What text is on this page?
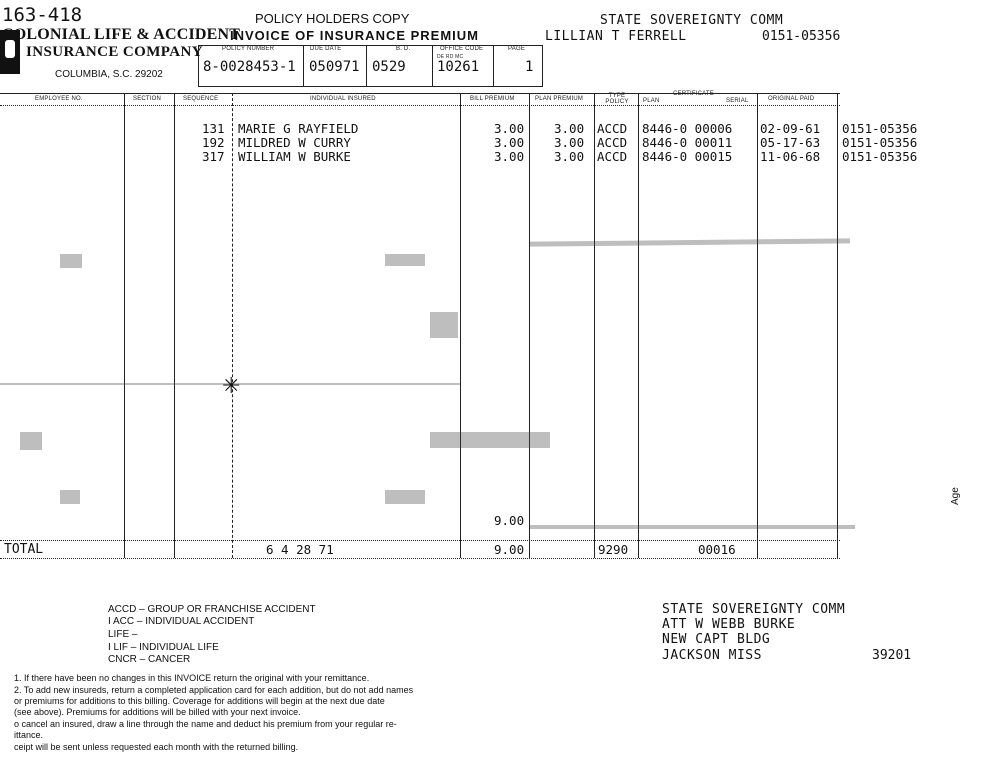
163-418
COLONIAL LIFE & ACCIDENT
INSURANCE COMPANY
COLUMBIA, S.C. 29202
POLICY HOLDERS COPY
INVOICE OF INSURANCE PREMIUM
STATE SOVEREIGNTY COMM
LILLIAN T FERRELL	0151-05356
POLICY NUMBER	DUE DATE	B. D.	OFFICE CODE
DE RD MC
PAGE
8-0028453-1 050971 0529 10261	1
EMPLOYEE NO.	SECTION	SEQUENCE	INDIVIDUAL INSURED	BILL PREMIUM	PLAN PREMIUM	TYPE POLICY
CERTIFICATE
PLAN	SERIAL	ORIGINAL PAID
131 MARIE G RAYFIELD	3.00 3.00 ACCD 8446-0 00006 02-09-61 0151-05356
192 MILDRED W CURRY	3.00 3.00 ACCD 8446-0 00011 05-17-63 0151-05356
317 WILLIAM W BURKE	3.00 3.00 ACCD 8446-0 00015 11-06-68 0151-05356
✳
9.00
TOTAL	6 4 28 71	9.00	9290	00016
ACCD – GROUP OR FRANCHISE ACCIDENT
I ACC – INDIVIDUAL ACCIDENT
LIFE –
I LIF – INDIVIDUAL LIFE
CNCR – CANCER
STATE SOVEREIGNTY COMM
ATT W WEBB BURKE
NEW CAPT BLDG
JACKSON MISS	39201
1. If there have been no changes in this INVOICE return the original with your remittance.
2. To add new insureds, return a completed application card for each addition, but do not add names
or premiums for additions to this billing. Coverage for additions will begin at the next due date
(see above). Premiums for additions will be billed with your next invoice.
o cancel an insured, draw a line through the name and deduct his premium from your regular re-
ittance.
ceipt will be sent unless requested each month with the returned billing.
Age
